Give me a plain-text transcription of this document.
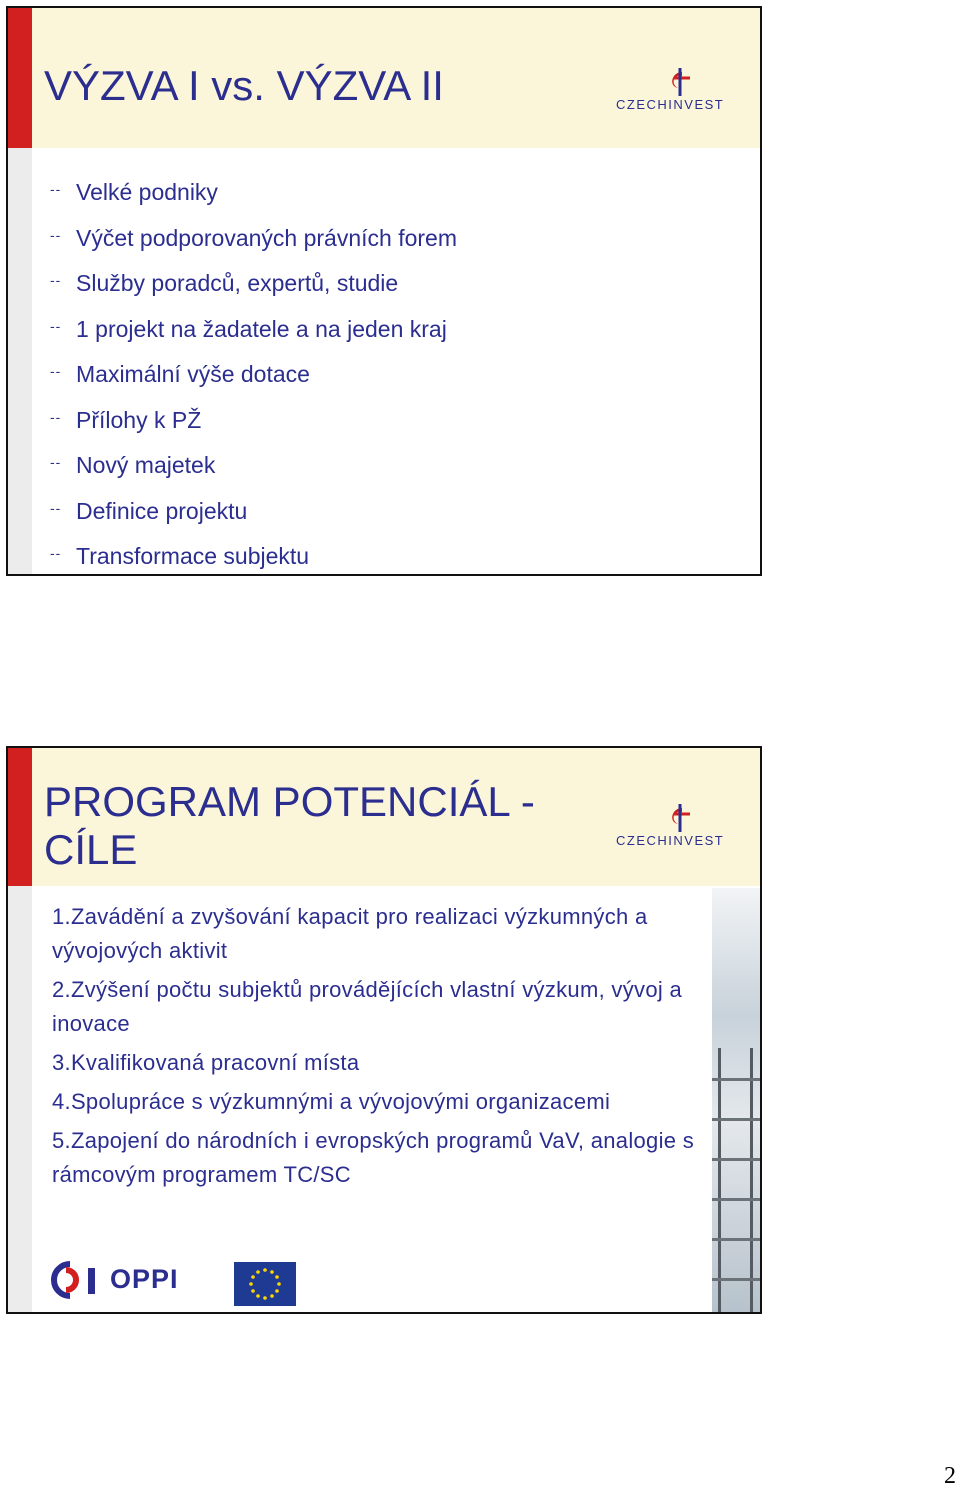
VÝZVA I vs. VÝZVA II	CZECHINVEST
-- Velké podniky
-- Výčet podporovaných právních forem
-- Služby poradců, expertů, studie
-- 1 projekt na žadatele a na jeden kraj
-- Maximální výše dotace
-- Přílohy k PŽ
-- Nový majetek
-- Definice projektu
-- Transformace subjektu
PROGRAM POTENCIÁL -
CÍLE	CZECHINVEST
1.Zavádění a zvyšování kapacit pro realizaci výzkumných a vývojových aktivit
2.Zvýšení počtu subjektů provádějících vlastní výzkum, vývoj a inovace
3.Kvalifikovaná pracovní místa
4.Spolupráce s výzkumnými a vývojovými organizacemi
5.Zapojení do národních i evropských programů VaV, analogie s rámcovým programem TC/SC
OPPI
2
